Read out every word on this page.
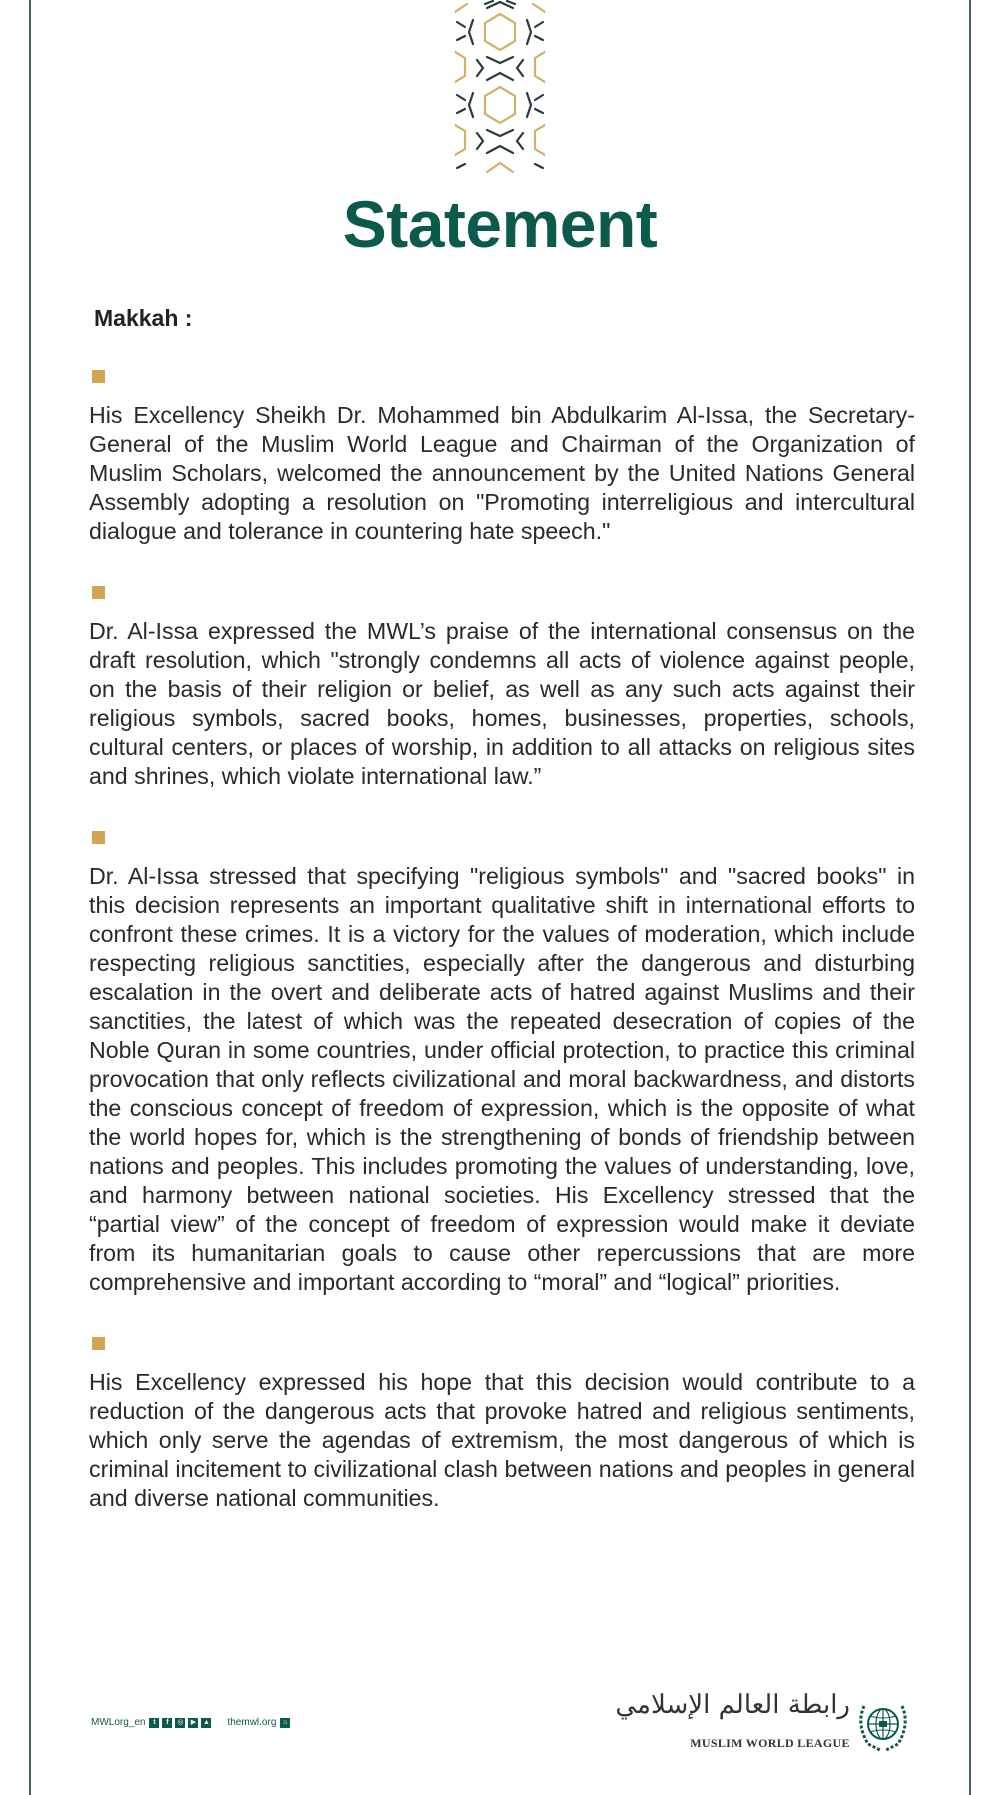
Statement
Makkah :

His Excellency Sheikh Dr. Mohammed bin Abdulkarim Al-Issa, the Secretary-General of the Muslim World League and Chairman of the Organization of Muslim Scholars, welcomed the announcement by the United Nations General Assembly adopting a resolution on "Promoting interreligious and intercultural dialogue and tolerance in countering hate speech."

Dr. Al-Issa expressed the MWL’s praise of the international consensus on the draft resolution, which "strongly condemns all acts of violence against people, on the basis of their religion or belief, as well as any such acts against their religious symbols, sacred books, homes, businesses, properties, schools, cultural centers, or places of worship, in addition to all attacks on religious sites and shrines, which violate international law.”

Dr. Al-Issa stressed that specifying "religious symbols" and "sacred books" in this decision represents an important qualitative shift in international efforts to confront these crimes. It is a victory for the values of moderation, which include respecting religious sanctities, especially after the dangerous and disturbing escalation in the overt and deliberate acts of hatred against Muslims and their sanctities, the latest of which was the repeated desecration of copies of the Noble Quran in some countries, under official protection, to practice this criminal provocation that only reflects civilizational and moral backwardness, and distorts the conscious concept of freedom of expression, which is the opposite of what the world hopes for, which is the strengthening of bonds of friendship between nations and peoples. This includes promoting the values of understanding, love, and harmony between national societies. His Excellency stressed that the “partial view” of the concept of freedom of expression would make it deviate from its humanitarian goals to cause other repercussions that are more comprehensive and important according to “moral” and “logical” priorities.

His Excellency expressed his hope that this decision would contribute to a reduction of the dangerous acts that provoke hatred and religious sentiments, which only serve the agendas of extremism, the most dangerous of which is criminal incitement to civilizational clash between nations and peoples in general and diverse national communities.

MWLorg_en	t	f	◎	▶ ▲ themwl.org ⌂
رابطة العالم الإسلامي
MUSLIM WORLD LEAGUE
